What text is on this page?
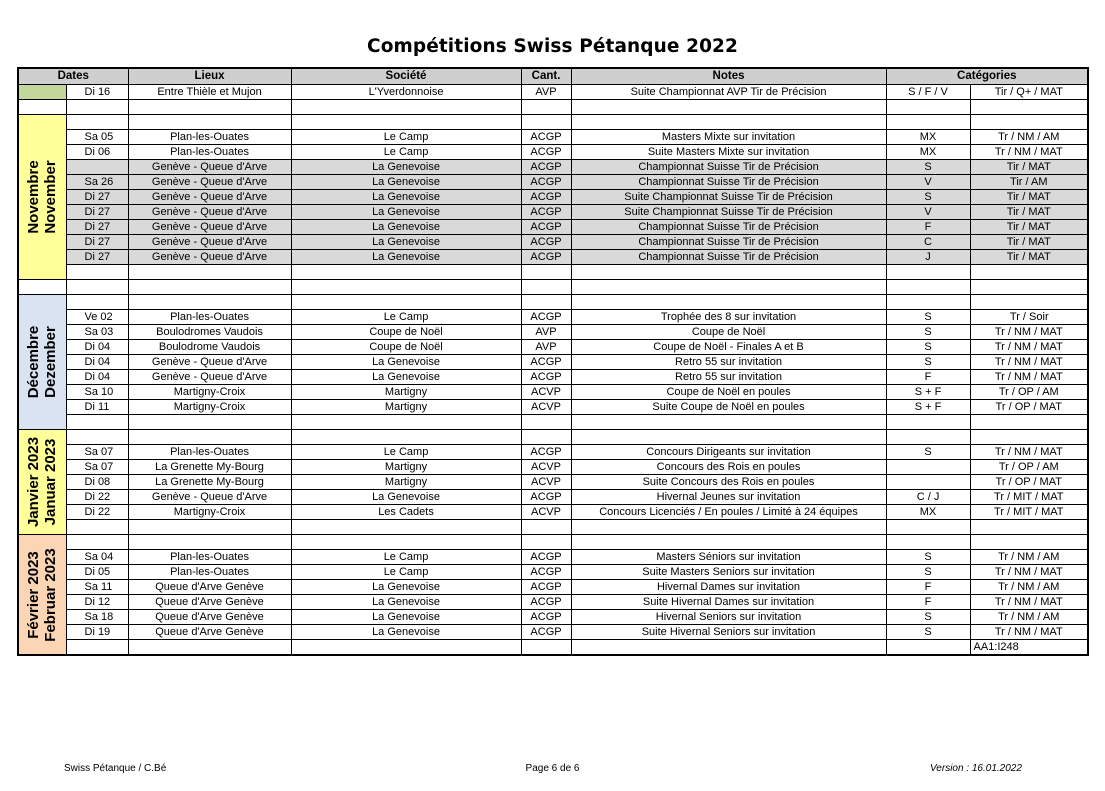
Compétitions Swiss Pétanque 2022
Dates		Lieux	Société	Cant.	Notes	Catégories	
	Di 16	Entre Thièle et Mujon	L'Yverdonnoise	AVP	Suite Championnat AVP Tir de Précision	S / F / V	Tir / Q+ / MAT

Novembre November							

	Sa 05	Plan-les-Ouates	Le Camp	ACGP	Masters Mixte sur invitation	MX	Tr / NM / AM
	Di 06	Plan-les-Ouates	Le Camp	ACGP	Suite Masters Mixte sur invitation	MX	Tr / NM / MAT
		Genève - Queue d'Arve	La Genevoise	ACGP	Championnat Suisse Tir de Précision	S	Tir / MAT
	Sa 26	Genève - Queue d'Arve	La Genevoise	ACGP	Championnat Suisse Tir de Précision	V	Tir / AM
	Di 27	Genève - Queue d'Arve	La Genevoise	ACGP	Suite Championnat Suisse Tir de Précision	S	Tir / MAT
	Di 27	Genève - Queue d'Arve	La Genevoise	ACGP	Suite Championnat Suisse Tir de Précision	V	Tir / MAT
	Di 27	Genève - Queue d'Arve	La Genevoise	ACGP	Championnat Suisse Tir de Précision	F	Tir / MAT
	Di 27	Genève - Queue d'Arve	La Genevoise	ACGP	Championnat Suisse Tir de Précision	C	Tir / MAT
	Di 27	Genève - Queue d'Arve	La Genevoise	ACGP	Championnat Suisse Tir de Précision	J	Tir / MAT

Décembre Dezember							

	Ve 02	Plan-les-Ouates	Le Camp	ACGP	Trophée des 8 sur invitation	S	Tr / Soir
	Sa 03	Boulodromes Vaudois	Coupe de Noël	AVP	Coupe de Noël	S	Tr / NM / MAT
	Di 04	Boulodrome Vaudois	Coupe de Noël	AVP	Coupe de Noël - Finales A et B	S	Tr / NM / MAT
	Di 04	Genève - Queue d'Arve	La Genevoise	ACGP	Retro 55 sur invitation	S	Tr / NM / MAT
	Di 04	Genève - Queue d'Arve	La Genevoise	ACGP	Retro 55 sur invitation	F	Tr / NM / MAT
	Sa 10	Martigny-Croix	Martigny	ACVP	Coupe de Noël en poules	S + F	Tr / OP / AM
	Di 11	Martigny-Croix	Martigny	ACVP	Suite Coupe de Noël en poules	S + F	Tr / OP / MAT

Janvier 2023 Januar 2023							

	Sa 07	Plan-les-Ouates	Le Camp	ACGP	Concours Dirigeants sur invitation	S	Tr / NM / MAT
	Sa 07	La Grenette My-Bourg	Martigny	ACVP	Concours des Rois en poules		Tr / OP / AM
	Di 08	La Grenette My-Bourg	Martigny	ACVP	Suite Concours des Rois en poules		Tr / OP / MAT
	Di 22	Genève - Queue d'Arve	La Genevoise	ACGP	Hivernal Jeunes sur invitation	C / J	Tr / MIT / MAT
	Di 22	Martigny-Croix	Les Cadets	ACVP	Concours Licenciés / En poules / Limité à 24 équipes	MX	Tr / MIT / MAT

Février 2023 Februar 2023							

	Sa 04	Plan-les-Ouates	Le Camp	ACGP	Masters Séniors sur invitation	S	Tr / NM / AM
	Di 05	Plan-les-Ouates	Le Camp	ACGP	Suite Masters Seniors sur invitation	S	Tr / NM / MAT
	Sa 11	Queue d'Arve Genève	La Genevoise	ACGP	Hivernal Dames sur invitation	F	Tr / NM / AM
	Di 12	Queue d'Arve Genève	La Genevoise	ACGP	Suite Hivernal Dames sur invitation	F	Tr / NM / MAT
	Sa 18	Queue d'Arve Genève	La Genevoise	ACGP	Hivernal Seniors sur invitation	S	Tr / NM / AM
	Di 19	Queue d'Arve Genève	La Genevoise	ACGP	Suite Hivernal Seniors sur invitation	S	Tr / NM / MAT
							AA1:I248
Swiss Pétanque / C.Bé	Page 6 de 6	Version : 16.01.2022
